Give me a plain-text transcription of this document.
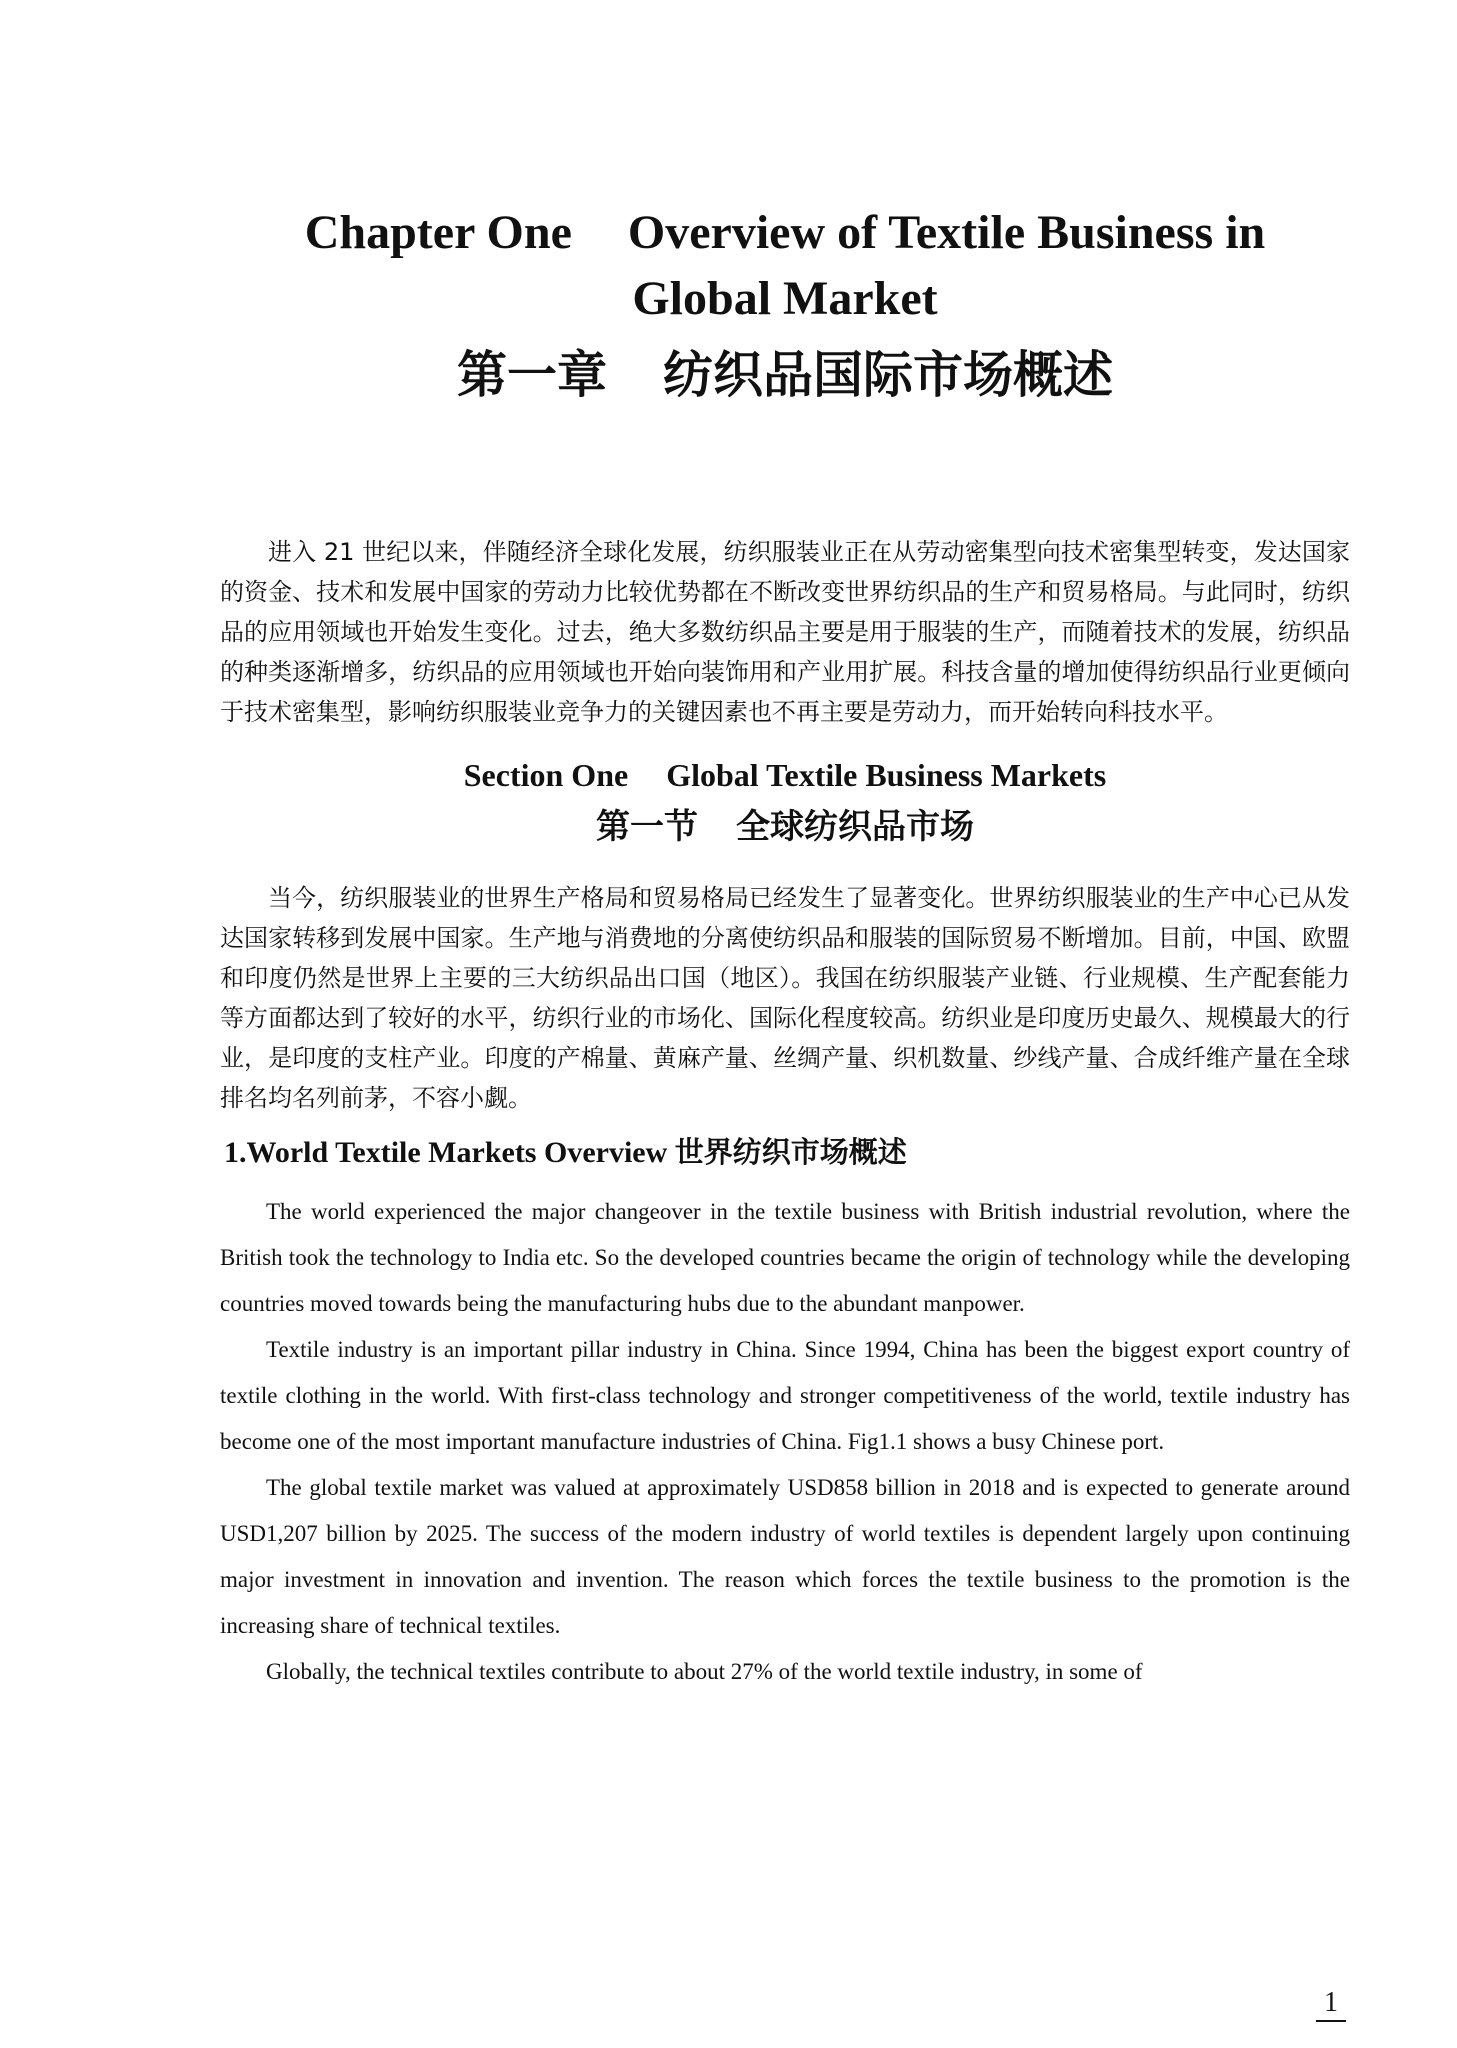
Chapter One Overview of Textile Business in
Global Market
第一章 纺织品国际市场概述

进入 21 世纪以来，伴随经济全球化发展，纺织服装业正在从劳动密集型向技术密集型转变，发达国家的资金、技术和发展中国家的劳动力比较优势都在不断改变世界纺织品的生产和贸易格局。与此同时，纺织品的应用领域也开始发生变化。过去，绝大多数纺织品主要是用于服装的生产，而随着技术的发展，纺织品的种类逐渐增多，纺织品的应用领域也开始向装饰用和产业用扩展。科技含量的增加使得纺织品行业更倾向于技术密集型，影响纺织服装业竞争力的关键因素也不再主要是劳动力，而开始转向科技水平。

Section One Global Textile Business Markets
第一节 全球纺织品市场

当今，纺织服装业的世界生产格局和贸易格局已经发生了显著变化。世界纺织服装业的生产中心已从发达国家转移到发展中国家。生产地与消费地的分离使纺织品和服装的国际贸易不断增加。目前，中国、欧盟和印度仍然是世界上主要的三大纺织品出口国（地区）。我国在纺织服装产业链、行业规模、生产配套能力等方面都达到了较好的水平，纺织行业的市场化、国际化程度较高。纺织业是印度历史最久、规模最大的行业，是印度的支柱产业。印度的产棉量、黄麻产量、丝绸产量、织机数量、纱线产量、合成纤维产量在全球排名均名列前茅，不容小觑。

1.World Textile Markets Overview 世界纺织市场概述

The world experienced the major changeover in the textile business with British industrial revolution, where the British took the technology to India etc. So the developed countries became the origin of technology while the developing countries moved towards being the manufacturing hubs due to the abundant manpower.

Textile industry is an important pillar industry in China. Since 1994, China has been the biggest export country of textile clothing in the world. With first-class technology and stronger competitiveness of the world, textile industry has become one of the most important manufacture industries of China. Fig1.1 shows a busy Chinese port.

The global textile market was valued at approximately USD858 billion in 2018 and is expected to generate around USD1,207 billion by 2025. The success of the modern industry of world textiles is dependent largely upon continuing major investment in innovation and invention. The reason which forces the textile business to the promotion is the increasing share of technical textiles.

Globally, the technical textiles contribute to about 27% of the world textile industry, in some of

1
